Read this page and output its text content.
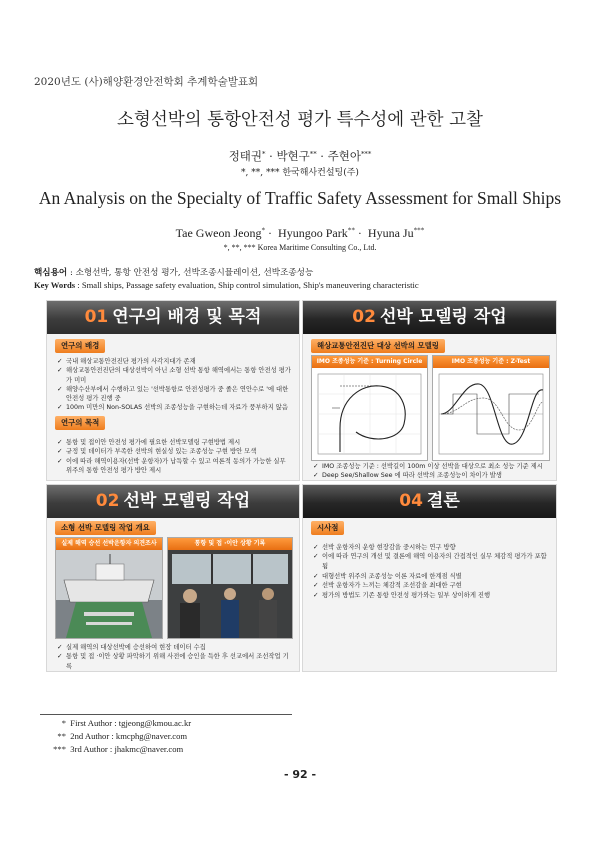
2020년도 (사)해양환경안전학회 추계학술발표회
소형선박의 통항안전성 평가 특수성에 관한 고찰
정태권* · 박현구** · 주현아***
*, **, *** 한국해사컨설팅(주)
An Analysis on the Specialty of Traffic Safety Assessment for Small Ships
Tae Gweon Jeong* ·  Hyungoo Park** ·  Hyuna Ju***
*, **, *** Korea Maritime Consulting Co., Ltd.
핵심용어 : 소형선박, 통항 안전성 평가, 선박조종시뮬레이션, 선박조종성능
Key Words : Small ships, Passage safety evaluation, Ship control simulation, Ship's maneuvering characteristic
01 연구의 배경 및 목적
연구의 배경
✓ 국내 해상교통안전진단 평가의 사각지대가 존재
✓ 해상교통안전진단의 대상선박이 아닌 소형 선박 통항 해역에서는 통항 안전성 평가가 미미
✓ 해양수산부에서 수행하고 있는 '선박통항로 안전성평가 중 졸은 연안수로 '에 대한 안전성 평가 진행 중
✓ 100m 미만의 Non-SOLAS 선박의 조종성능을 구현하는데 자료가 풍부하지 않음
연구의 목적
✓ 통항 및 접이안 안전성 평가에 필요한 선박모델링 구현방법 제시
✓ 규정 및 데이터가 부족한 선박의 현실성 있는 조종성능 구현 방안 모색
✓ 이에 따라 해역이용자(선박 운항자)가 납득할 수 있고 여론적 동의가 가능한 실무 위주의 통항 안전성 평가 방안 제시
02 선박 모델링 작업
해상교통안전진단 대상 선박의 모델링
IMO 조종성능 기준 : Turning Circle	IMO 조종성능 기준 : Z-Test
✓ IMO 조종성능 기준 : 선박길이 100m 이상 선박을 대상으로 최소 성능 기준 제시
✓ Deep See/Shallow See 에 따라 선박의 조종성능이 차이가 발생
02 선박 모델링 작업
소형 선박 모델링 작업 개요
실제 해역 승선 선박운항자 의견조사	통항 및 접 ·이안 상황 기록
✓ 실제 해역의 대상선박에 승선하여 현장 데이터 수집
✓ 통항 및 접 ·이안 상황 파악하기 위해 사전에 승인을 득한 후 선교에서 조선작업 기록
04 결론
시사점
✓ 선박 운항자의 운항 현장감을 중시하는 연구 방향
✓ 이에 따라 연구의 개선 및 결론에 해역 이용자의 간접적인 실무 체감적 평가가 포함됨
✓ 대형선박 위주의 조종성능 이론 자료에 한계점 식별
✓ 선박 운항자가 느끼는 체감적 조선감을 최대한 구현
✓ 평가의 방법도 기존 통항 안전성 평가와는 일부 상이하게 진행
* First Author : tgjeong@kmou.ac.kr
** 2nd Author : kmcphg@naver.com
*** 3rd Author : jhakmc@naver.com
- 92 -
